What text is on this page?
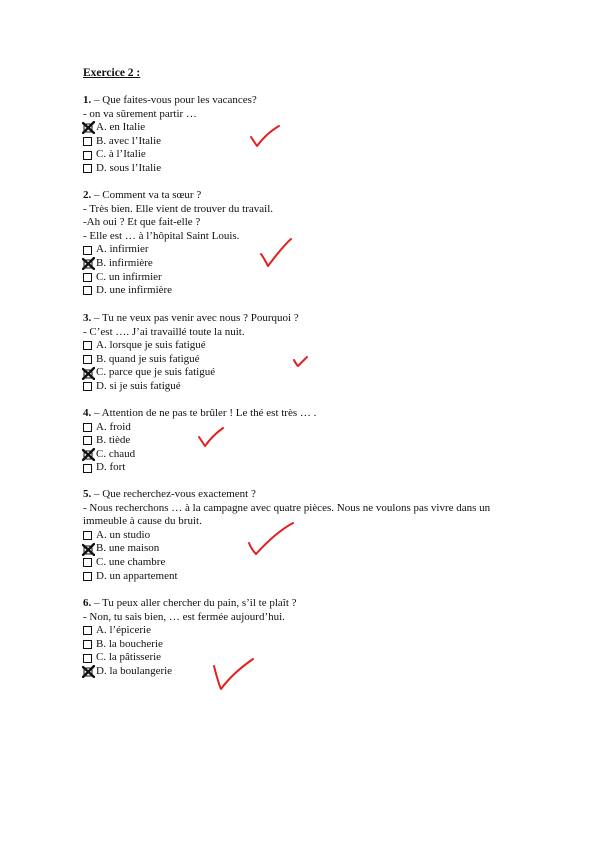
Exercice 2 :
1. – Que faites-vous pour les vacances?
- on va sûrement partir …
A. en Italie
B. avec l’Italie
C. à l’Italie
D. sous l’Italie
2. – Comment va ta sœur ?
- Très bien. Elle vient de trouver du travail.
-Ah oui ? Et que fait-elle ?
- Elle est … à l’hôpital Saint Louis.
A. infirmier
B. infirmière
C. un infirmier
D. une infirmière
3. – Tu ne veux pas venir avec nous ? Pourquoi ?
- C’est …. J’ai travaillé toute la nuit.
A. lorsque je suis fatigué
B. quand je suis fatigué
C. parce que je suis fatigué
D. si je suis fatigué
4. – Attention de ne pas te brûler ! Le thé est très … .
A. froid
B. tiède
C. chaud
D. fort
5. – Que recherchez-vous exactement ?
- Nous recherchons … à la campagne avec quatre pièces. Nous ne voulons pas vivre dans un immeuble à cause du bruit.
A. un studio
B. une maison
C. une chambre
D. un appartement
6. – Tu peux aller chercher du pain, s’il te plaît ?
- Non, tu sais bien, … est fermée aujourd’hui.
A. l’épicerie
B. la boucherie
C. la pâtisserie
D. la boulangerie
